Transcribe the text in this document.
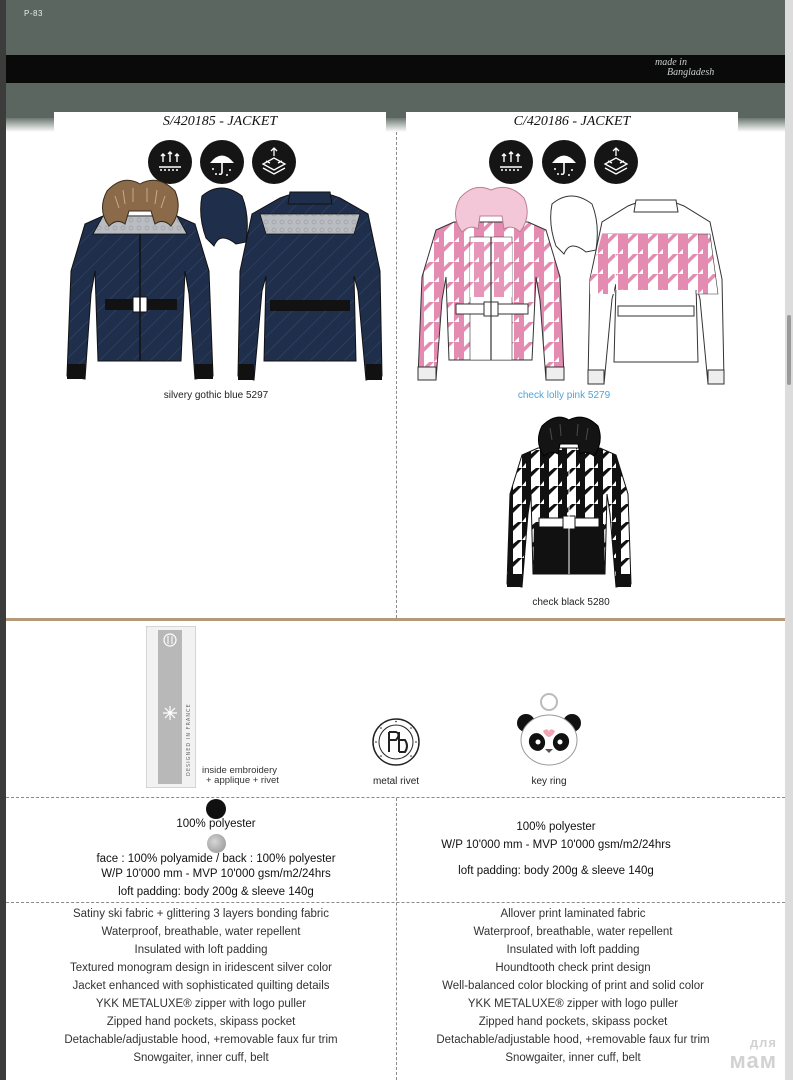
P-83
made in
Bangladesh
S/420185 - JACKET	C/420186 - JACKET
silvery gothic blue 5297	check lolly pink 5279
check black 5280
DESIGNED IN FRANCE inside embroidery
+ applique + rivet	metal rivet	key ring
100% polyester
face : 100% polyamide / back : 100% polyester
W/P 10'000 mm - MVP 10'000 gsm/m2/24hrs
loft padding: body 200g & sleeve 140g
100% polyester
W/P 10'000 mm - MVP 10'000 gsm/m2/24hrs
loft padding: body 200g & sleeve 140g
Satiny ski fabric + glittering 3 layers bonding fabric
Waterproof, breathable, water repellent
Insulated with loft padding
Textured monogram design in iridescent silver color
Jacket enhanced with sophisticated quilting details
YKK METALUXE® zipper with logo puller
Zipped hand pockets, skipass pocket
Detachable/adjustable hood, +removable faux fur trim
Snowgaiter, inner cuff, belt
Allover print laminated fabric
Waterproof, breathable, water repellent
Insulated with loft padding
Houndtooth check print design
Well-balanced color blocking of print and solid color
YKK METALUXE® zipper with logo puller
Zipped hand pockets, skipass pocket
Detachable/adjustable hood, +removable faux fur trim
Snowgaiter, inner cuff, belt
для
мам
